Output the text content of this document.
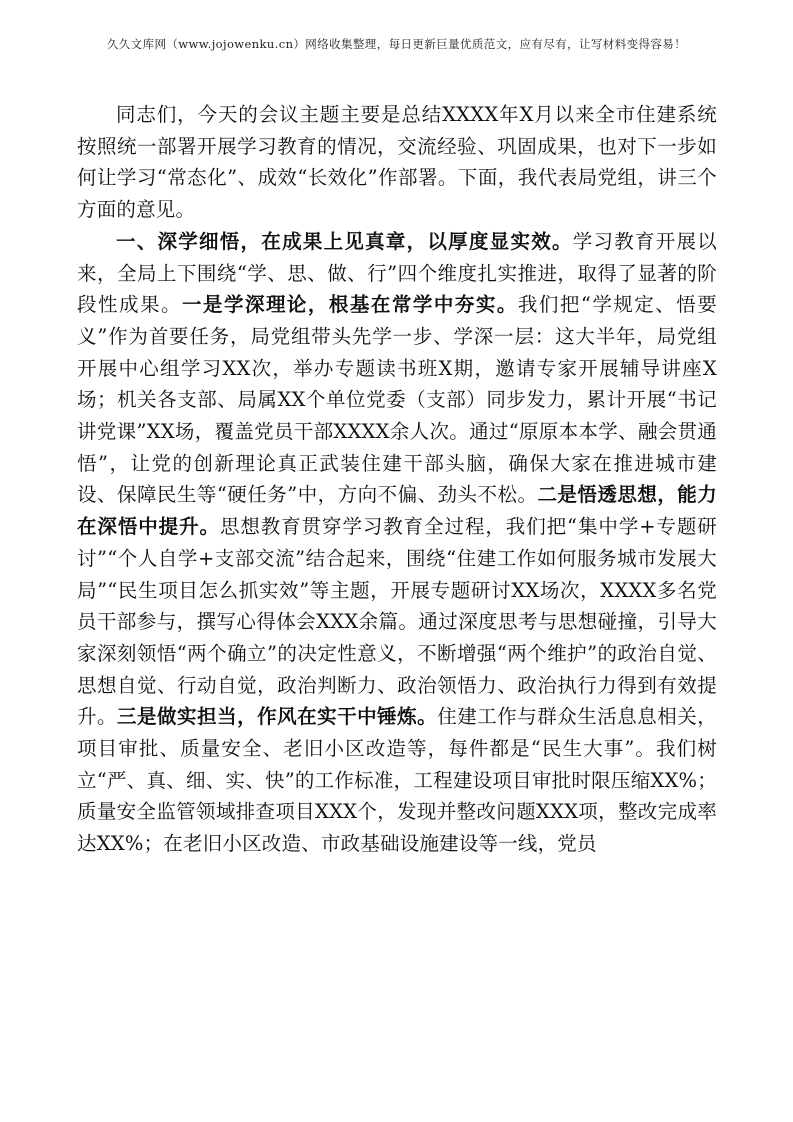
久久文库网（www.jojowenku.cn）网络收集整理，每日更新巨量优质范文，应有尽有，让写材料变得容易！

同志们，今天的会议主题主要是总结XXXX年X月以来全市住建系统按照统一部署开展学习教育的情况，交流经验、巩固成果，也对下一步如何让学习“常态化”、成效“长效化”作部署。下面，我代表局党组，讲三个方面的意见。

一、深学细悟，在成果上见真章，以厚度显实效。学习教育开展以来，全局上下围绕“学、思、做、行”四个维度扎实推进，取得了显著的阶段性成果。一是学深理论，根基在常学中夯实。我们把“学规定、悟要义”作为首要任务，局党组带头先学一步、学深一层：这大半年，局党组开展中心组学习XX次，举办专题读书班X期，邀请专家开展辅导讲座X场；机关各支部、局属XX个单位党委（支部）同步发力，累计开展“书记讲党课”XX场，覆盖党员干部XXXX余人次。通过“原原本本学、融会贯通悟”，让党的创新理论真正武装住建干部头脑，确保大家在推进城市建设、保障民生等“硬任务”中，方向不偏、劲头不松。二是悟透思想，能力在深悟中提升。思想教育贯穿学习教育全过程，我们把“集中学+专题研讨”“个人自学+支部交流”结合起来，围绕“住建工作如何服务城市发展大局”“民生项目怎么抓实效”等主题，开展专题研讨XX场次，XXXX多名党员干部参与，撰写心得体会XXX余篇。通过深度思考与思想碰撞，引导大家深刻领悟“两个确立”的决定性意义，不断增强“两个维护”的政治自觉、思想自觉、行动自觉，政治判断力、政治领悟力、政治执行力得到有效提升。三是做实担当，作风在实干中锤炼。住建工作与群众生活息息相关，项目审批、质量安全、老旧小区改造等，每件都是“民生大事”。我们树立“严、真、细、实、快”的工作标准，工程建设项目审批时限压缩XX%；质量安全监管领域排查项目XXX个，发现并整改问题XXX项，整改完成率达XX%；在老旧小区改造、市政基础设施建设等一线，党员
